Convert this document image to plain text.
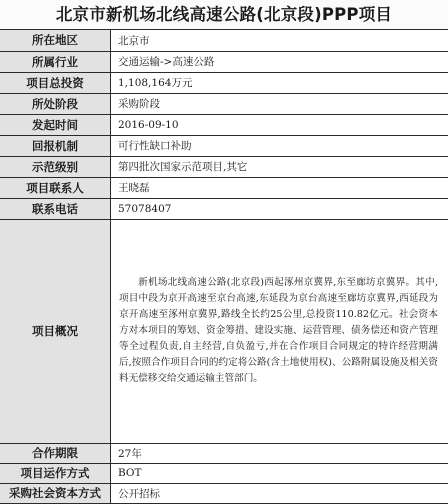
北京市新机场北线高速公路(北京段)PPP项目
所在地区	北京市
所属行业	交通运输->高速公路
项目总投资	1,108,164万元
所处阶段	采购阶段
发起时间	2016-09-10
回报机制	可行性缺口补助
示范级别	第四批次国家示范项目,其它
项目联系人	王晓磊
联系电话	57078407
项目概况	新机场北线高速公路(北京段)西起涿州京冀界,东至廊坊京冀界。其中,项目中段为京开高速至京台高速,东延段为京台高速至廊坊京冀界,西延段为京开高速至涿州京冀界,路线全长约25公里,总投资110.82亿元。社会资本方对本项目的筹划、资金筹措、建设实施、运营管理、债务偿还和资产管理等全过程负责,自主经营,自负盈亏,并在合作项目合同规定的特许经营期满后,按照合作项目合同的约定将公路(含土地使用权)、公路附属设施及相关资料无偿移交给交通运输主管部门。

合作期限	27年
项目运作方式	BOT
采购社会资本方式	公开招标
